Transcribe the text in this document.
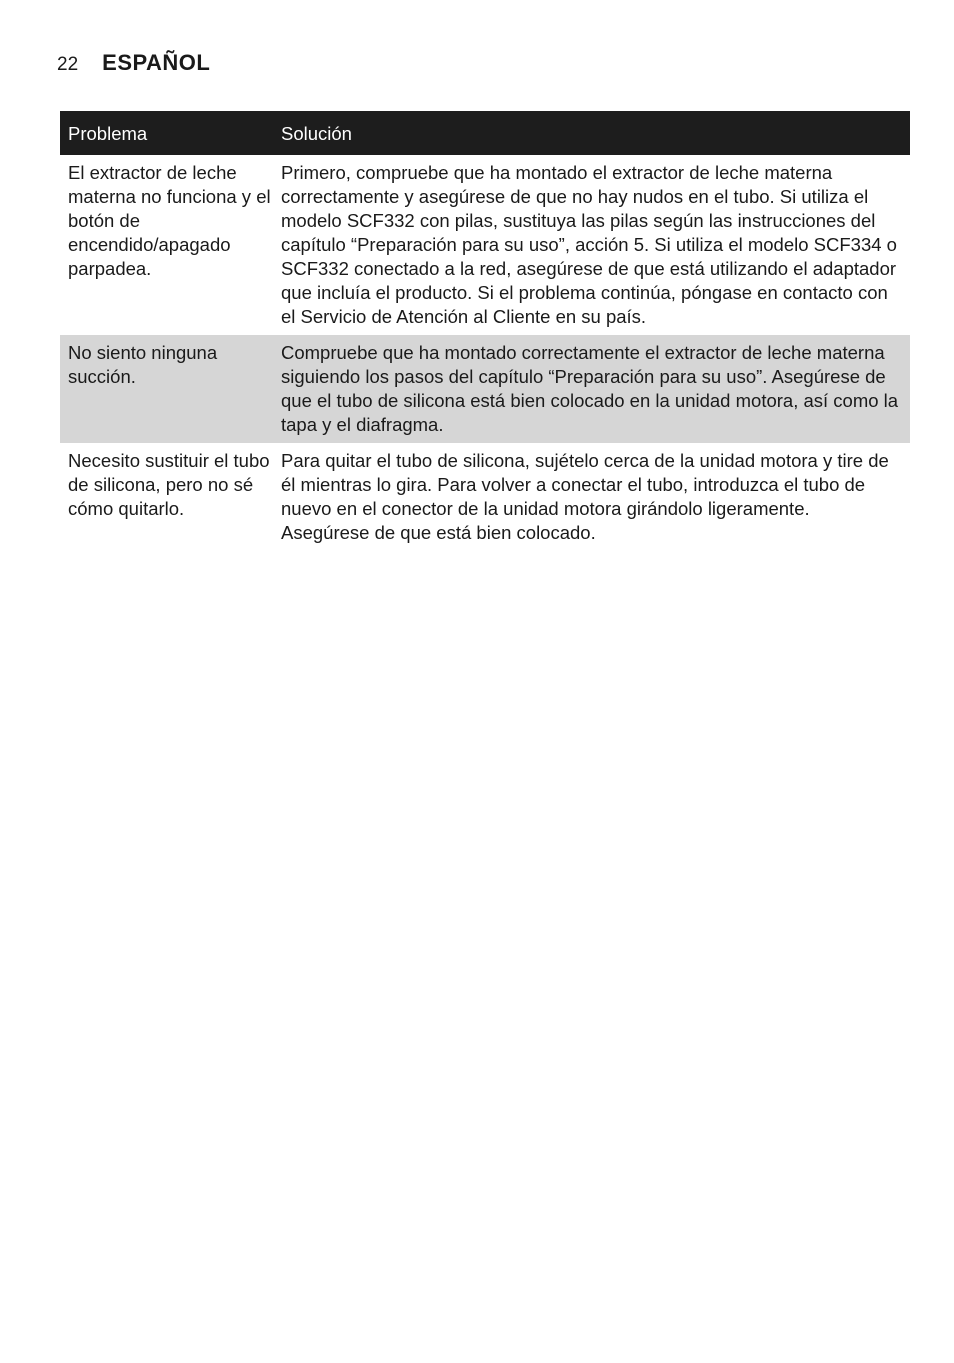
22 ESPAÑOL
Problema	Solución
El extractor de leche materna no funciona y el botón de encendido/apagado parpadea.
Primero, compruebe que ha montado el extractor de leche materna correctamente y asegúrese de que no hay nudos en el tubo. Si utiliza el modelo SCF332 con pilas, sustituya las pilas según las instrucciones del capítulo “Preparación para su uso”, acción 5. Si utiliza el modelo SCF334 o SCF332 conectado a la red, asegúrese de que está utilizando el adaptador que incluía el producto. Si el problema continúa, póngase en contacto con el Servicio de Atención al Cliente en su país.
No siento ninguna succión.
Compruebe que ha montado correctamente el extractor de leche materna siguiendo los pasos del capítulo “Preparación para su uso”. Asegúrese de que el tubo de silicona está bien colocado en la unidad motora, así como la tapa y el diafragma.
Necesito sustituir el tubo de silicona, pero no sé cómo quitarlo.
Para quitar el tubo de silicona, sujételo cerca de la unidad motora y tire de él mientras lo gira. Para volver a conectar el tubo, introduzca el tubo de nuevo en el conector de la unidad motora girándolo ligeramente. Asegúrese de que está bien colocado.
